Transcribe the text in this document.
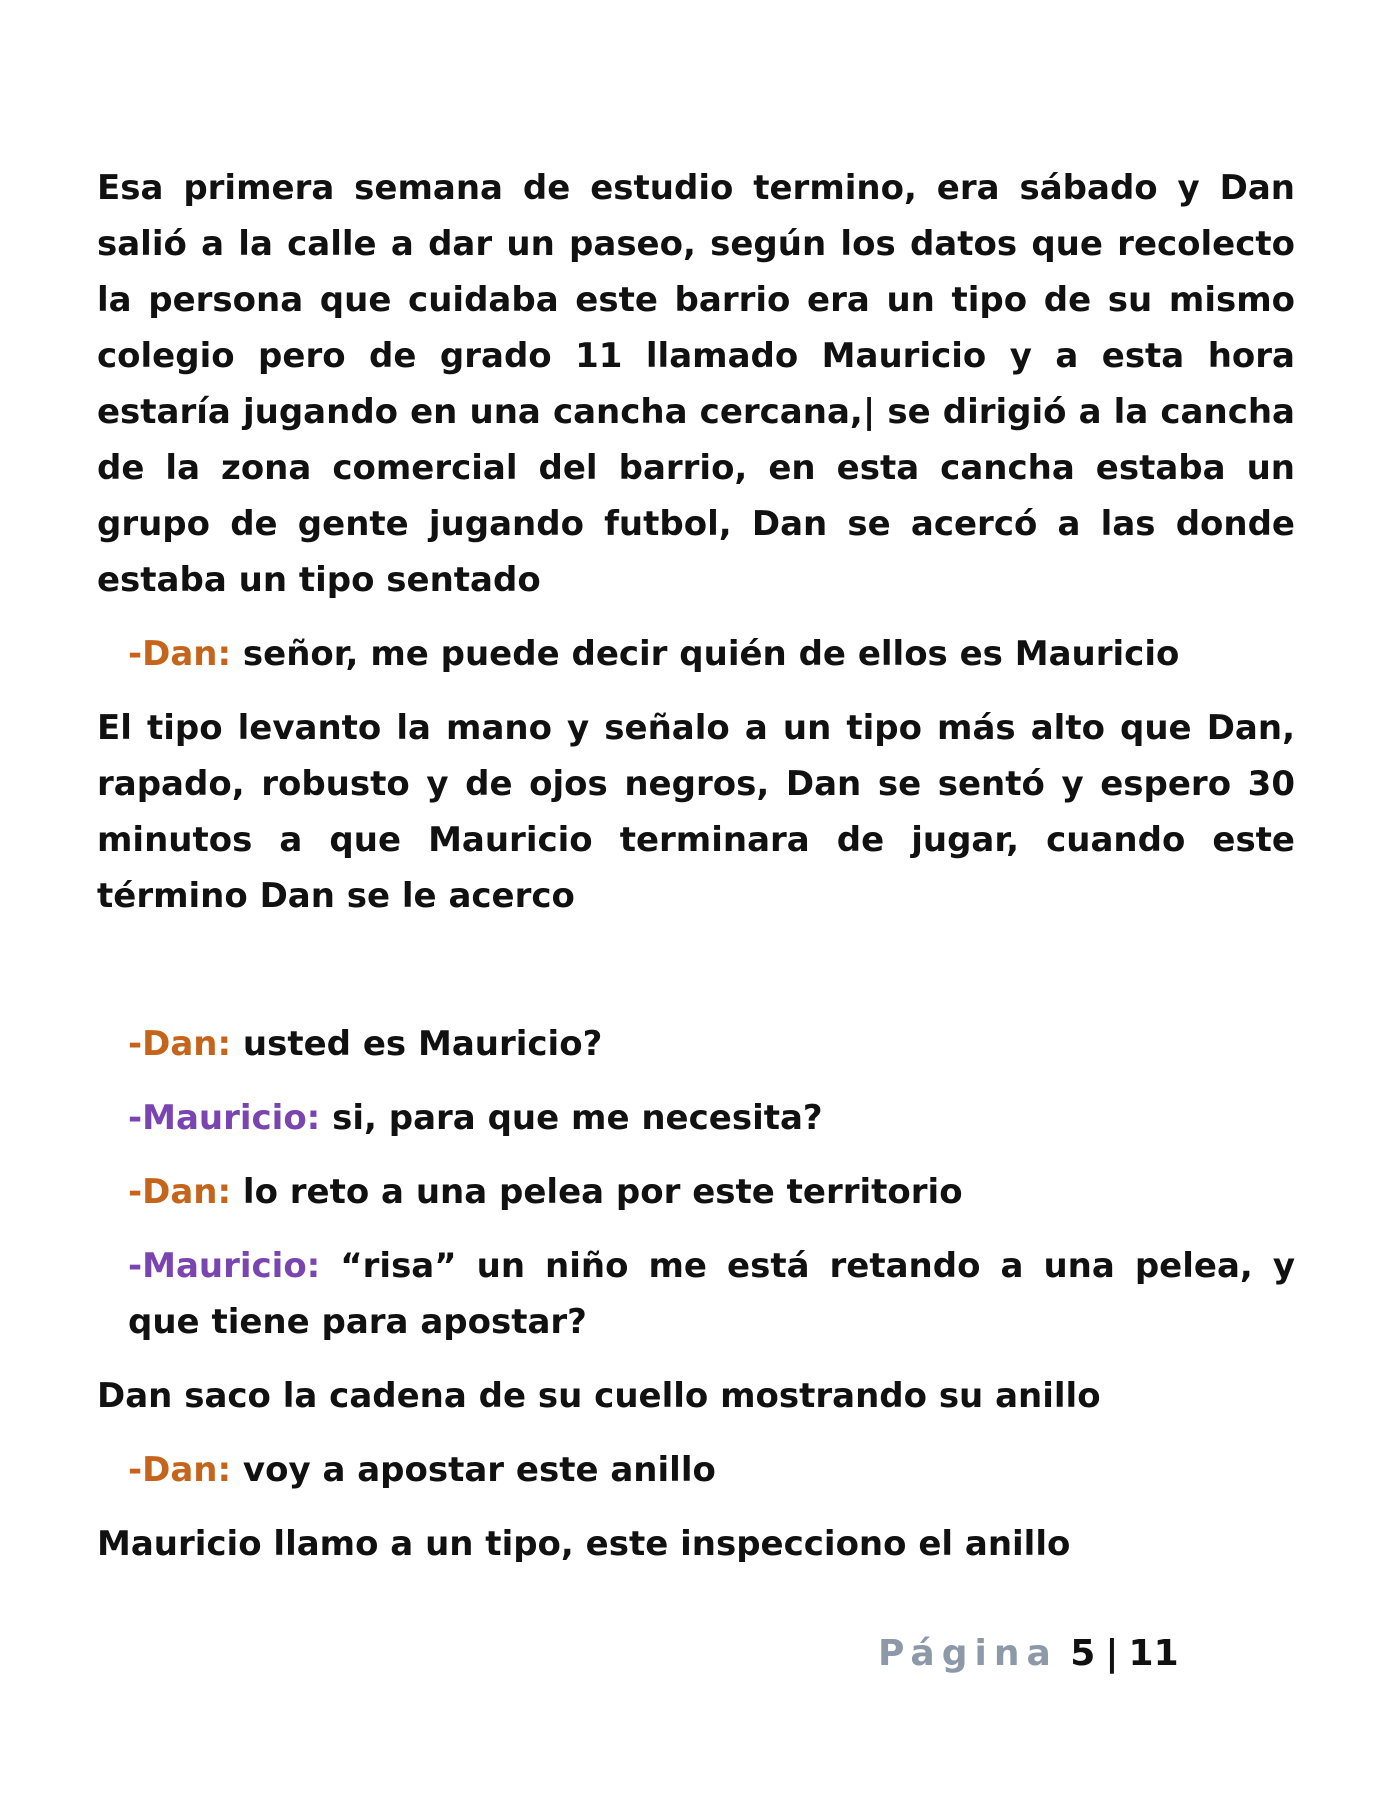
Esa primera semana de estudio termino, era sábado y Dan salió a la calle a dar un paseo, según los datos que recolecto la persona que cuidaba este barrio era un tipo de su mismo colegio pero de grado 11 llamado Mauricio y a esta hora estaría jugando en una cancha cercana,| se dirigió a la cancha de la zona comercial del barrio, en esta cancha estaba un grupo de gente jugando futbol, Dan se acercó a las donde estaba un tipo sentado

-Dan: señor, me puede decir quién de ellos es Mauricio

El tipo levanto la mano y señalo a un tipo más alto que Dan, rapado, robusto y de ojos negros, Dan se sentó y espero 30 minutos a que Mauricio terminara de jugar, cuando este término Dan se le acerco

-Dan: usted es Mauricio?

-Mauricio: si, para que me necesita?

-Dan: lo reto a una pelea por este territorio

-Mauricio: “risa” un niño me está retando a una pelea, y que tiene para apostar?

Dan saco la cadena de su cuello mostrando su anillo

-Dan: voy a apostar este anillo

Mauricio llamo a un tipo, este inspecciono el anillo

Página 5 | 11
